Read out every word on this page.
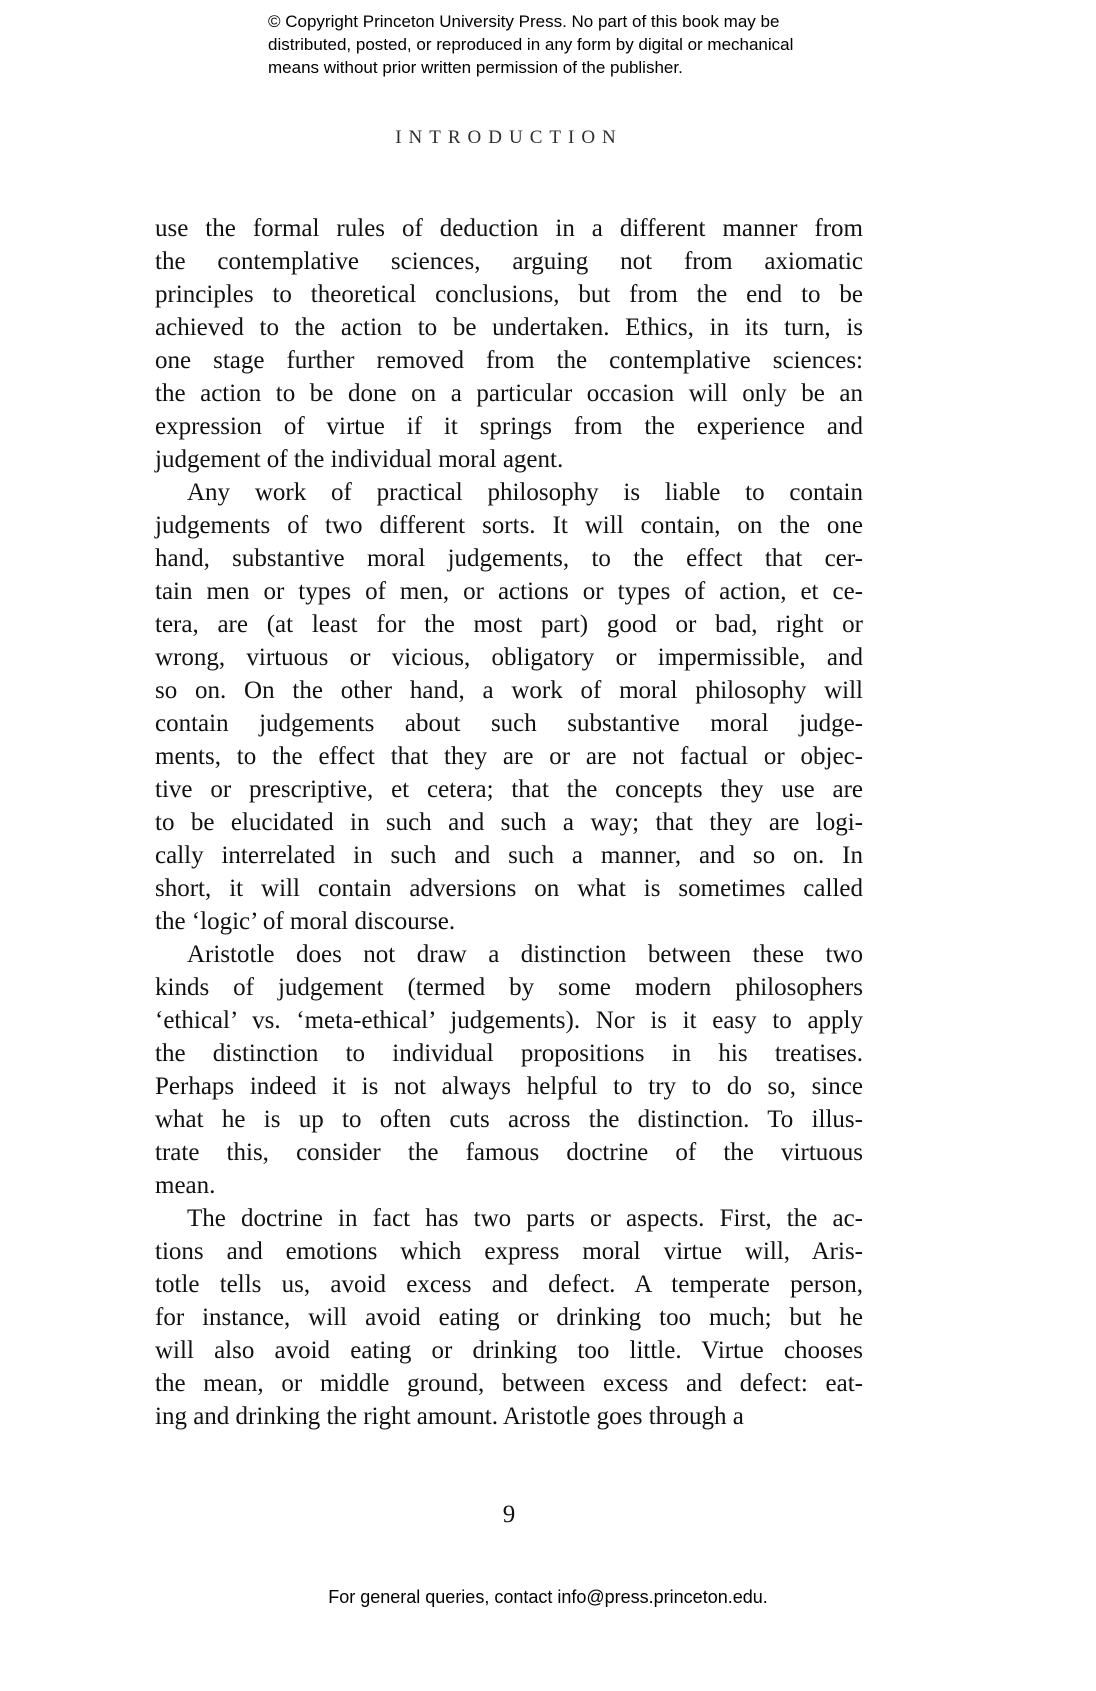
© Copyright Princeton University Press. No part of this book may be
distributed, posted, or reproduced in any form by digital or mechanical
means without prior written permission of the publisher.
INTRODUCTION
use the formal rules of deduction in a different manner from
the contemplative sciences, arguing not from axiomatic
principles to theoretical conclusions, but from the end to be
achieved to the action to be undertaken. Ethics, in its turn, is
one stage further removed from the contemplative sciences:
the action to be done on a particular occasion will only be an
expression of virtue if it springs from the experience and
judgement of the individual moral agent.
Any work of practical philosophy is liable to contain
judgements of two different sorts. It will contain, on the one
hand, substantive moral judgements, to the effect that cer-
tain men or types of men, or actions or types of action, et ce-
tera, are (at least for the most part) good or bad, right or
wrong, virtuous or vicious, obligatory or impermissible, and
so on. On the other hand, a work of moral philosophy will
contain judgements about such substantive moral judge-
ments, to the effect that they are or are not factual or objec-
tive or prescriptive, et cetera; that the concepts they use are
to be elucidated in such and such a way; that they are logi-
cally interrelated in such and such a manner, and so on. In
short, it will contain adversions on what is sometimes called
the ‘logic’ of moral discourse.
Aristotle does not draw a distinction between these two
kinds of judgement (termed by some modern philosophers
‘ethical’ vs. ‘meta-ethical’ judgements). Nor is it easy to apply
the distinction to individual propositions in his treatises.
Perhaps indeed it is not always helpful to try to do so, since
what he is up to often cuts across the distinction. To illus-
trate this, consider the famous doctrine of the virtuous
mean.
The doctrine in fact has two parts or aspects. First, the ac-
tions and emotions which express moral virtue will, Aris-
totle tells us, avoid excess and defect. A temperate person,
for instance, will avoid eating or drinking too much; but he
will also avoid eating or drinking too little. Virtue chooses
the mean, or middle ground, between excess and defect: eat-
ing and drinking the right amount. Aristotle goes through a
9
For general queries, contact info@press.princeton.edu.
